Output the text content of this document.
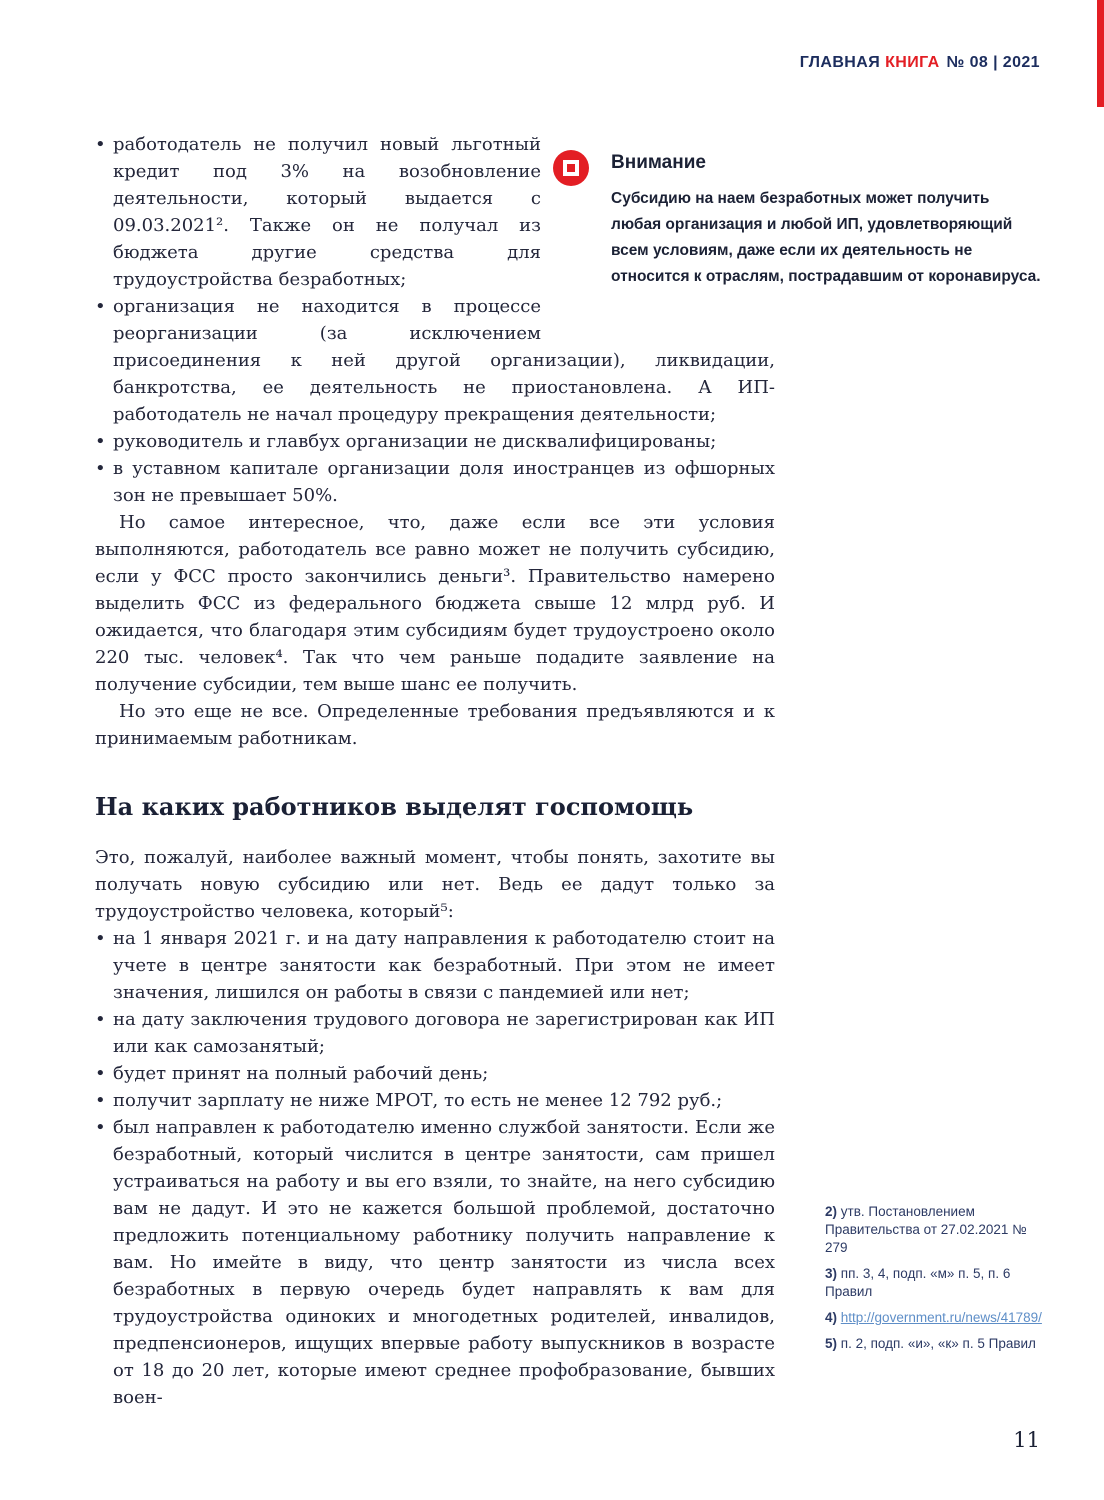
ГЛАВНАЯ КНИГА № 08 | 2021
Внимание
Субсидию на наем безработных может получить любая организация и любой ИП, удовлетворяющий всем условиям, даже если их деятельность не относится к отраслям, пострадавшим от коронавируса.
• работодатель не получил новый льготный кредит под 3% на возобновление деятельности, который выдается с 09.03.2021². Также он не получал из бюджета другие средства для трудоустройства безработных;
• организация не находится в процессе реорганизации (за исключением присоединения к ней другой организации), ликвидации, банкротства, ее деятельность не приостановлена. А ИП-работодатель не начал процедуру прекращения деятельности;
• руководитель и главбух организации не дисквалифицированы;
• в уставном капитале организации доля иностранцев из офшорных зон не превышает 50%.

Но самое интересное, что, даже если все эти условия выполняются, работодатель все равно может не получить субсидию, если у ФСС просто закончились деньги³. Правительство намерено выделить ФСС из федерального бюджета свыше 12 млрд руб. И ожидается, что благодаря этим субсидиям будет трудоустроено около 220 тыс. человек⁴. Так что чем раньше подадите заявление на получение субсидии, тем выше шанс ее получить.

Но это еще не все. Определенные требования предъявляются и к принимаемым работникам.

На каких работников выделят госпомощь

Это, пожалуй, наиболее важный момент, чтобы понять, захотите вы получать новую субсидию или нет. Ведь ее дадут только за трудоустройство человека, который⁵:

• на 1 января 2021 г. и на дату направления к работодателю стоит на учете в центре занятости как безработный. При этом не имеет значения, лишился он работы в связи с пандемией или нет;
• на дату заключения трудового договора не зарегистрирован как ИП или как самозанятый;
• будет принят на полный рабочий день;
• получит зарплату не ниже МРОТ, то есть не менее 12 792 руб.;
• был направлен к работодателю именно службой занятости. Если же безработный, который числится в центре занятости, сам пришел устраиваться на работу и вы его взяли, то знайте, на него субсидию вам не дадут. И это не кажется большой проблемой, достаточно предложить потенциальному работнику получить направление к вам. Но имейте в виду, что центр занятости из числа всех безработных в первую очередь будет направлять к вам для трудоустройства одиноких и многодетных родителей, инвалидов, предпенсионеров, ищущих впервые работу выпускников в возрасте от 18 до 20 лет, которые имеют среднее профобразование, бывших воен-
2) утв. Постановлением Правительства от 27.02.2021 № 279
3) пп. 3, 4, подп. «м» п. 5, п. 6 Правил
4) http://government.ru/news/41789/
5) п. 2, подп. «и», «к» п. 5 Правил
11
